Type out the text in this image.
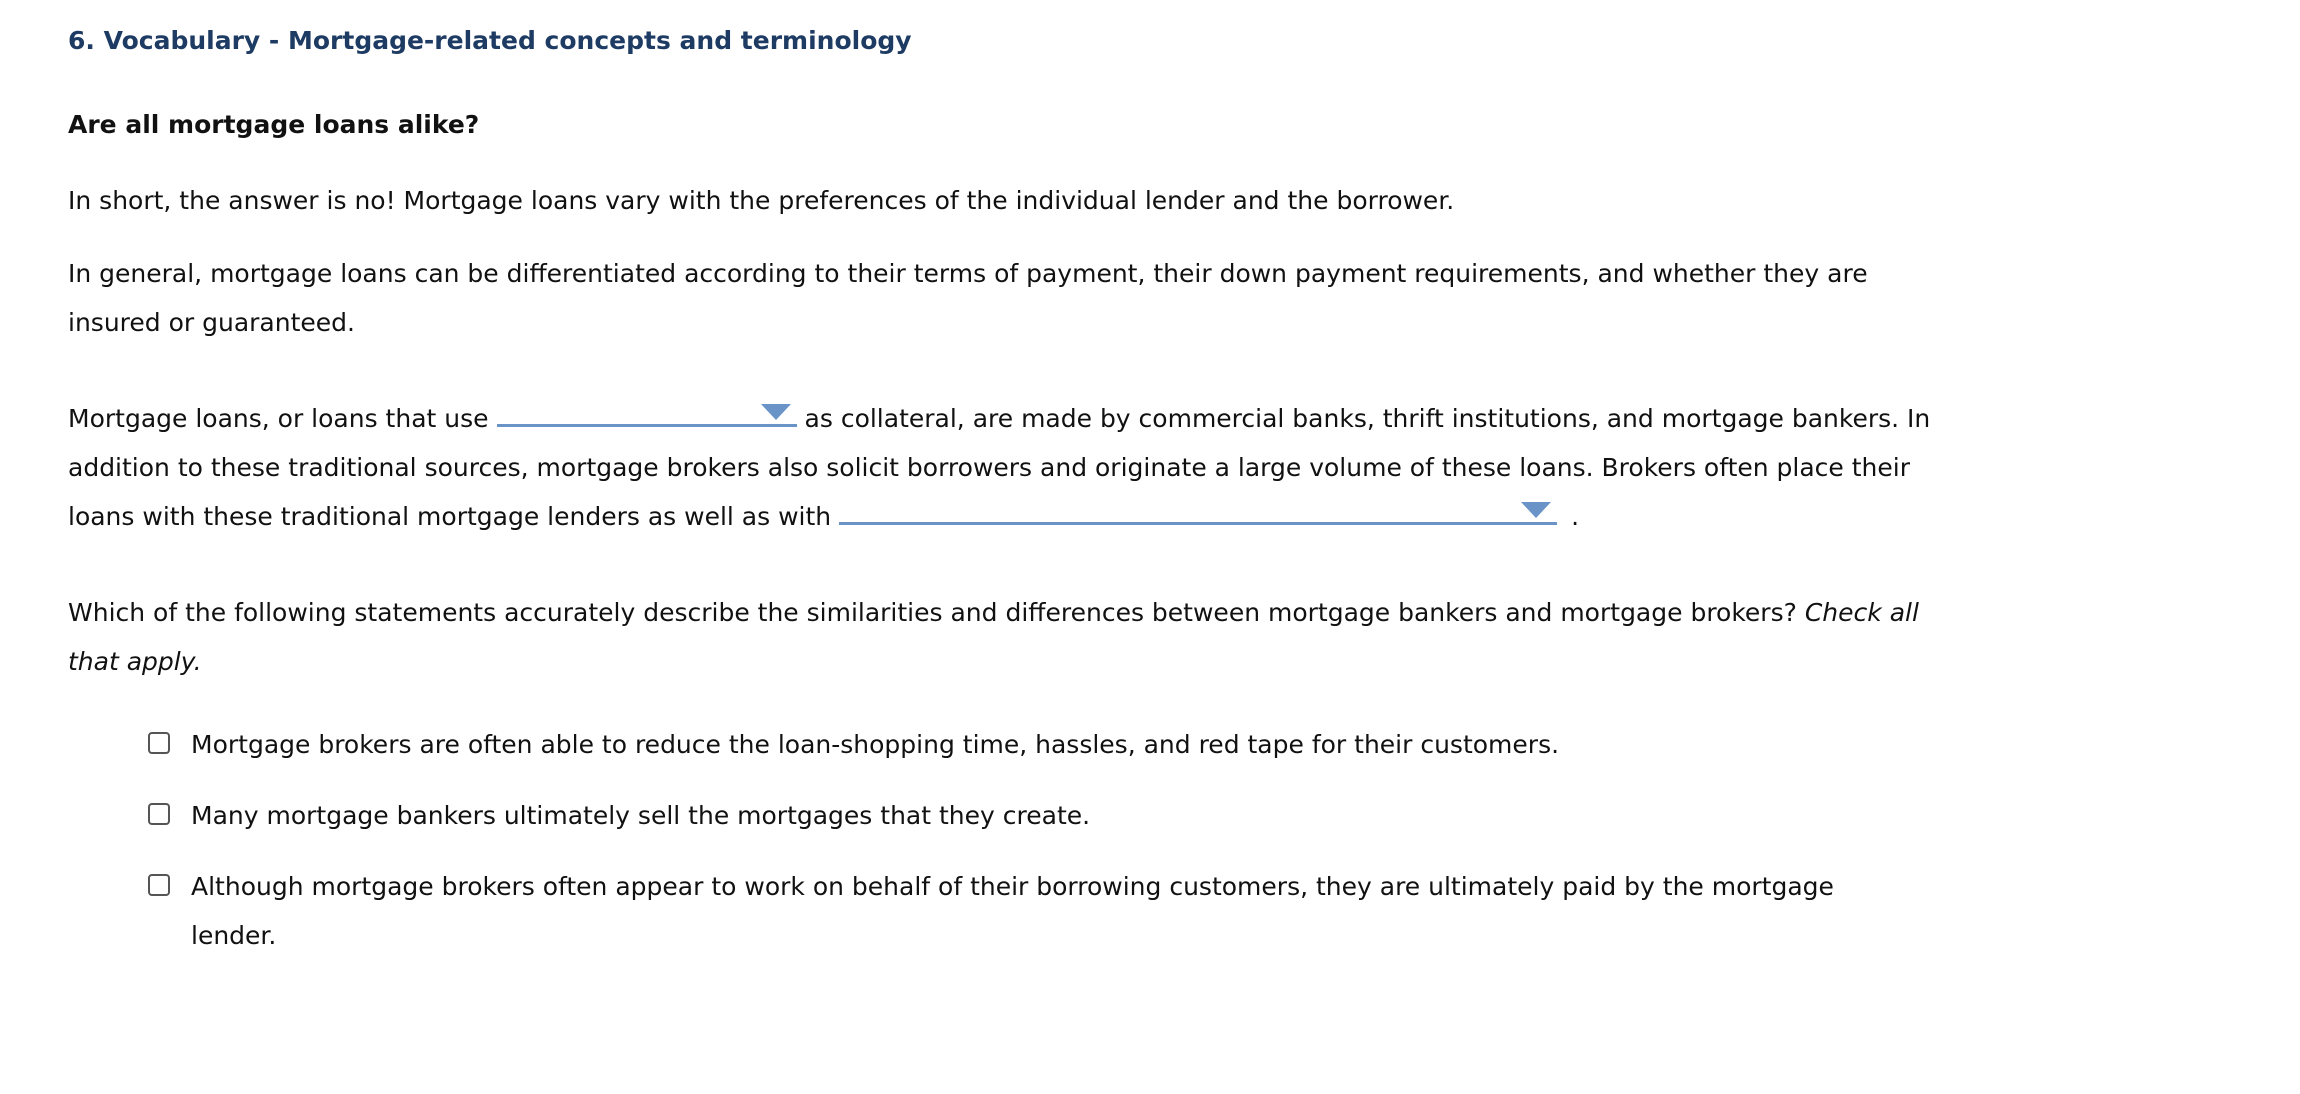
6. Vocabulary - Mortgage-related concepts and terminology
Are all mortgage loans alike?
In short, the answer is no! Mortgage loans vary with the preferences of the individual lender and the borrower.
In general, mortgage loans can be differentiated according to their terms of payment, their down payment requirements, and whether they are insured or guaranteed.
Mortgage loans, or loans that use	as collateral, are made by commercial banks, thrift institutions, and mortgage bankers. In addition to these traditional sources, mortgage brokers also solicit borrowers and originate a large volume of these loans. Brokers often place their loans with these traditional mortgage lenders as well as with	.
Which of the following statements accurately describe the similarities and differences between mortgage bankers and mortgage brokers? Check all that apply.
Mortgage brokers are often able to reduce the loan-shopping time, hassles, and red tape for their customers.
Many mortgage bankers ultimately sell the mortgages that they create.
Although mortgage brokers often appear to work on behalf of their borrowing customers, they are ultimately paid by the mortgage lender.
